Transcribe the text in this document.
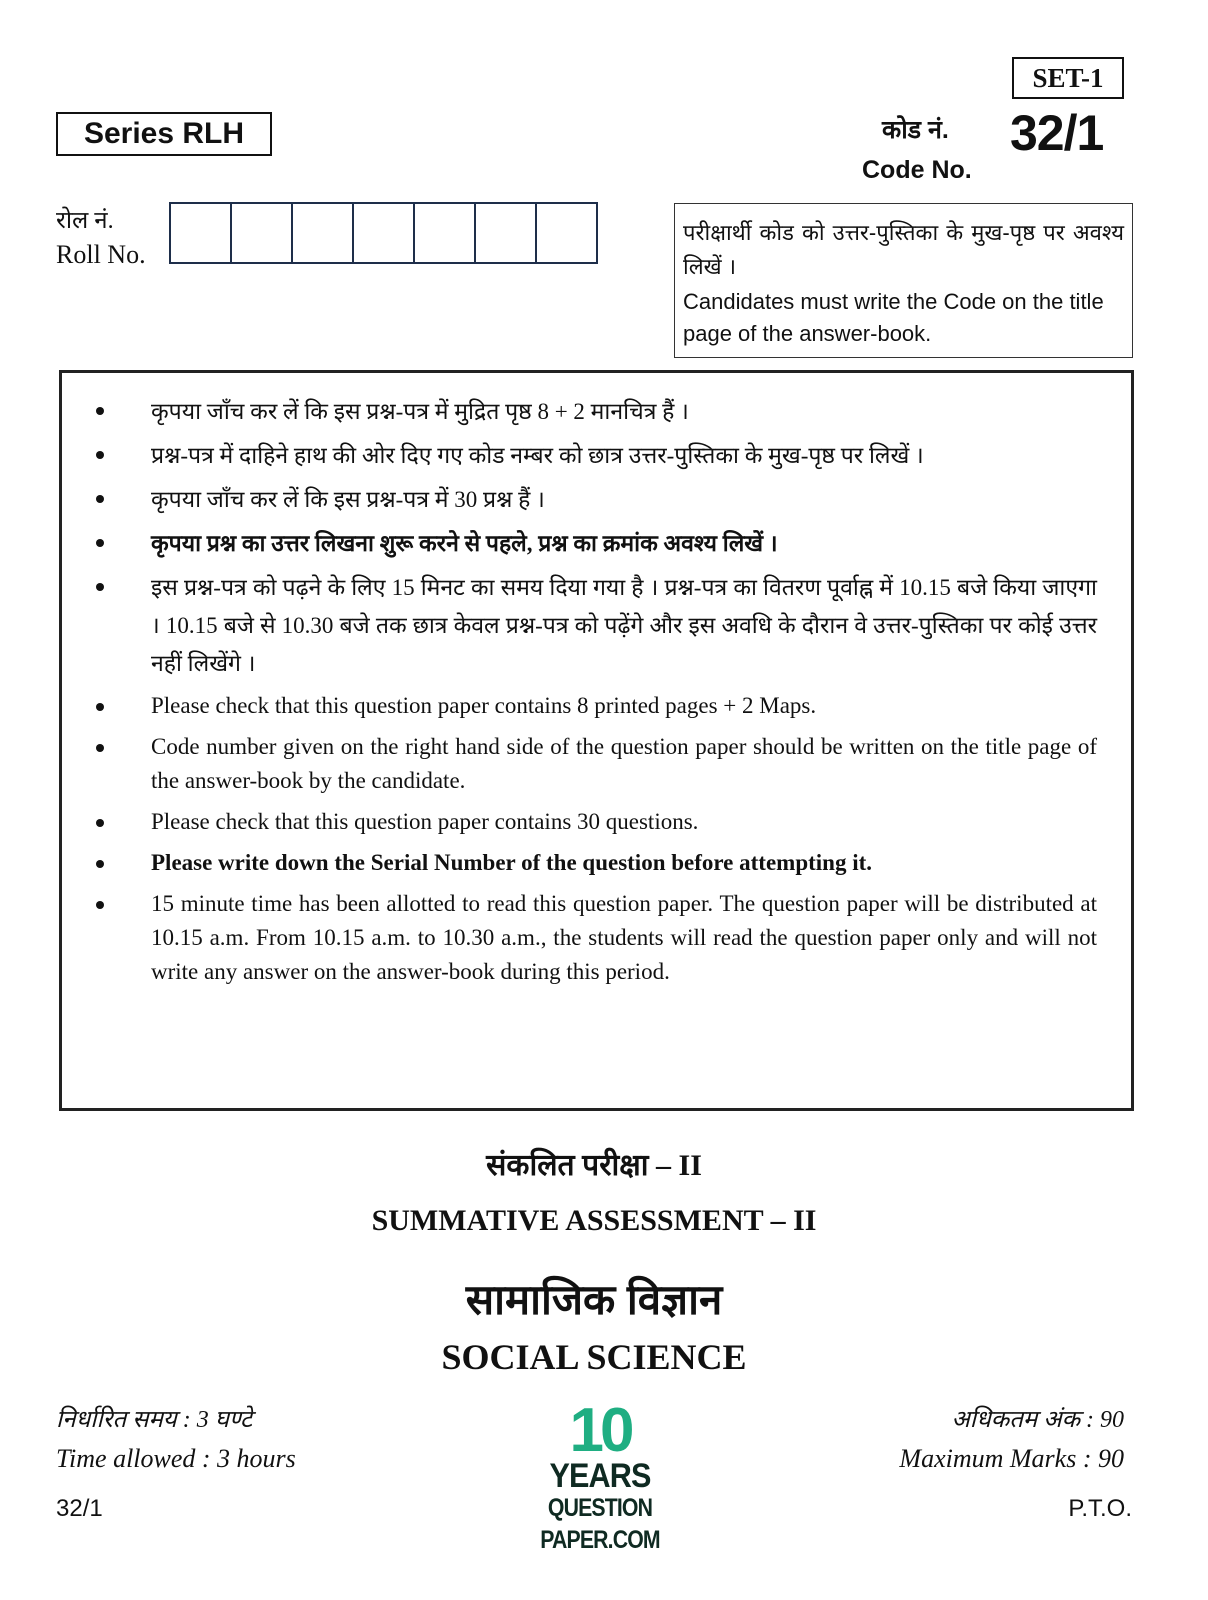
SET-1
कोड नं. 32/1
Code No.
Series RLH
रोल नं.
Roll No.
परीक्षार्थी कोड को उत्तर-पुस्तिका के मुख-पृष्ठ पर अवश्य लिखें ।
Candidates must write the Code on the title page of the answer-book.
कृपया जाँच कर लें कि इस प्रश्न-पत्र में मुद्रित पृष्ठ 8 + 2 मानचित्र हैं ।
प्रश्न-पत्र में दाहिने हाथ की ओर दिए गए कोड नम्बर को छात्र उत्तर-पुस्तिका के मुख-पृष्ठ पर लिखें ।
कृपया जाँच कर लें कि इस प्रश्न-पत्र में 30 प्रश्न हैं ।
कृपया प्रश्न का उत्तर लिखना शुरू करने से पहले, प्रश्न का क्रमांक अवश्य लिखें ।
इस प्रश्न-पत्र को पढ़ने के लिए 15 मिनट का समय दिया गया है । प्रश्न-पत्र का वितरण पूर्वाह्न में 10.15 बजे किया जाएगा । 10.15 बजे से 10.30 बजे तक छात्र केवल प्रश्न-पत्र को पढ़ेंगे और इस अवधि के दौरान वे उत्तर-पुस्तिका पर कोई उत्तर नहीं लिखेंगे ।
Please check that this question paper contains 8 printed pages + 2 Maps.
Code number given on the right hand side of the question paper should be written on the title page of the answer-book by the candidate.
Please check that this question paper contains 30 questions.
Please write down the Serial Number of the question before attempting it.
15 minute time has been allotted to read this question paper. The question paper will be distributed at 10.15 a.m. From 10.15 a.m. to 10.30 a.m., the students will read the question paper only and will not write any answer on the answer-book during this period.
संकलित परीक्षा – II
SUMMATIVE ASSESSMENT – II
सामाजिक विज्ञान
SOCIAL SCIENCE
निर्धारित समय : 3 घण्टे
Time allowed : 3 hours
अधिकतम अंक : 90
Maximum Marks : 90
32/1	P.T.O.
10
YEARS
QUESTION PAPER.COM
